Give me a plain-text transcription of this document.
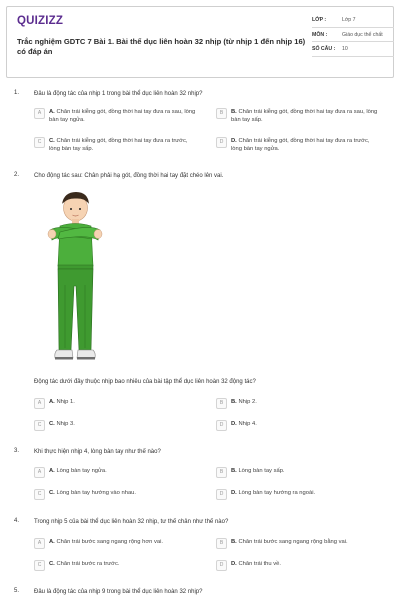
QUIZIZZ
Trắc nghiệm GDTC 7 Bài 1. Bài thể dục liên hoàn 32 nhịp (từ nhịp 1 đến nhịp 16) có đáp án
LỚP :	Lớp 7
MÔN :	Giáo dục thể chất
SỐ CÂU :	10
1. Đâu là động tác của nhịp 1 trong bài thể dục liên hoàn 32 nhịp?
A	A. Chân trái kiễng gót, đồng thời hai tay đưa ra sau, lòng bàn tay ngửa.
B	B. Chân trái kiễng gót, đồng thời hai tay đưa ra sau, lòng bàn tay sấp.
C	C. Chân trái kiễng gót, đồng thời hai tay đưa ra trước, lòng bàn tay sấp.
D	D. Chân trái kiễng gót, đồng thời hai tay đưa ra trước, lòng bàn tay ngửa.
2. Cho động tác sau: Chân phải hạ gót, đồng thời hai tay đặt chéo lên vai.
Động tác dưới đây thuộc nhịp bao nhiêu của bài tập thể dục liên hoàn 32 động tác?
A	A. Nhịp 1.	B	B. Nhịp 2.
C	C. Nhịp 3.	D	D. Nhịp 4.
3. Khi thực hiện nhịp 4, lòng bàn tay như thế nào?
A	A. Lòng bàn tay ngửa.	B	B. Lòng bàn tay sấp.
C	C. Lòng bàn tay hướng vào nhau.	D	D. Lòng bàn tay hướng ra ngoài.
4. Trong nhịp 5 của bài thể dục liên hoàn 32 nhịp, tư thế chân như thế nào?
A	A. Chân trái bước sang ngang rộng hơn vai.	B	B. Chân trái bước sang ngang rộng bằng vai.
C	C. Chân trái bước ra trước.	D	D. Chân trái thu về.
5. Đâu là động tác của nhịp 9 trong bài thể dục liên hoàn 32 nhịp?
